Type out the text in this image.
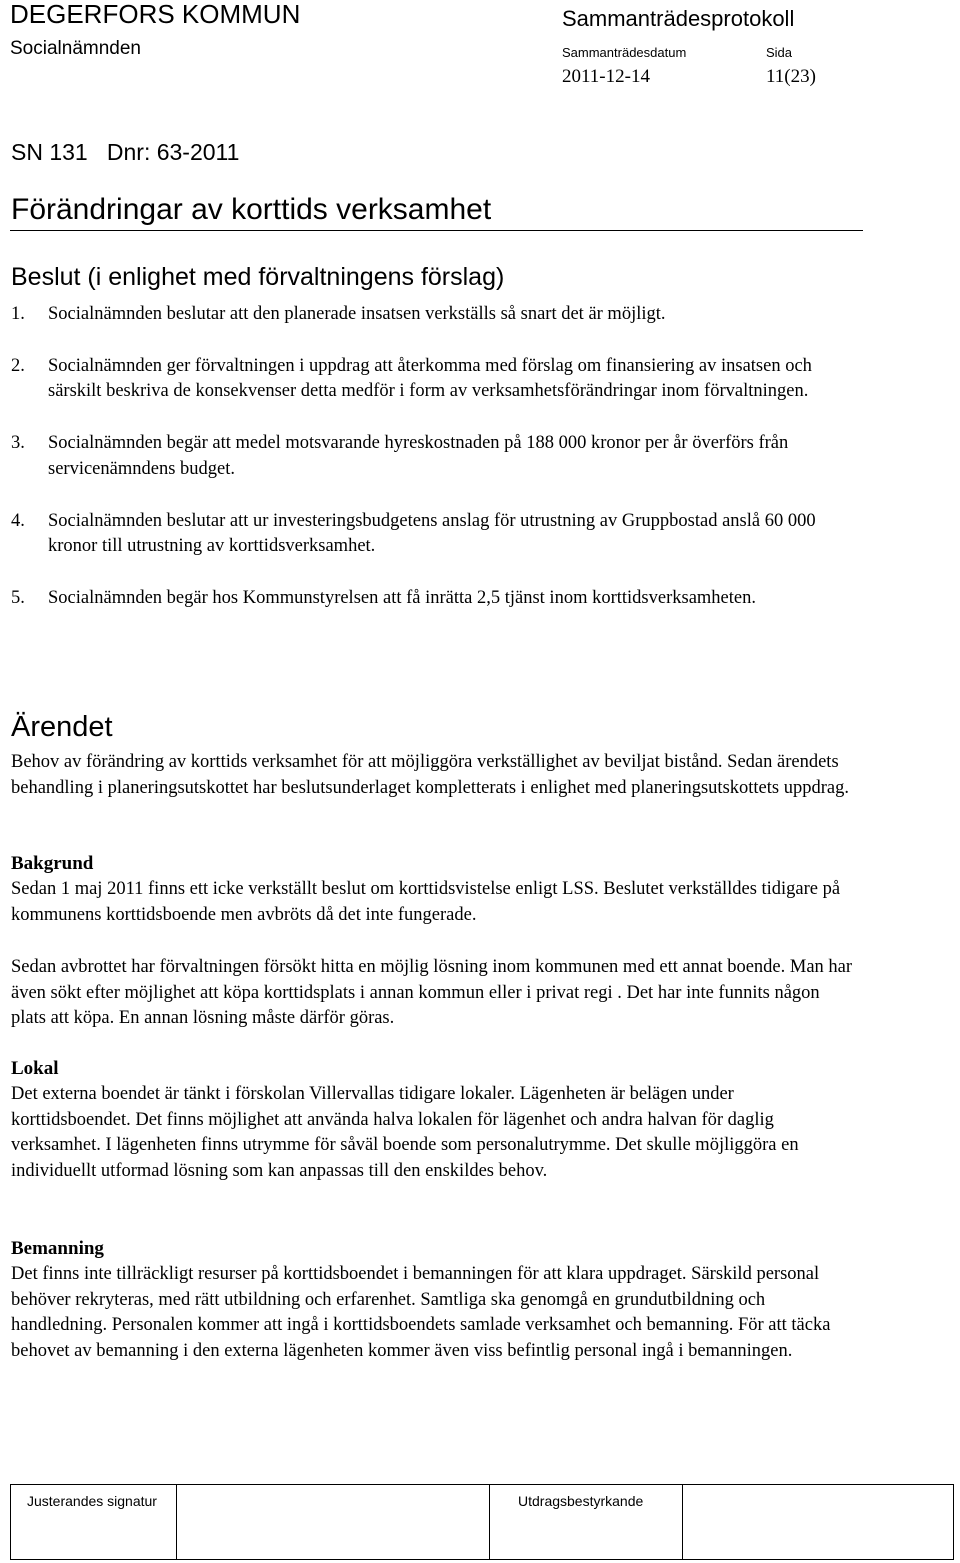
DEGERFORS KOMMUN
Socialnämnden
Sammanträdesprotokoll
Sammanträdesdatum	Sida
2011-12-14	11(23)
SN 131   Dnr: 63-2011
Förändringar av korttids verksamhet
Beslut (i enlighet med förvaltningens förslag)
1.	Socialnämnden beslutar att den planerade insatsen verkställs så snart det är möjligt.
2.	Socialnämnden ger förvaltningen i uppdrag att återkomma med förslag om finansiering av insatsen och särskilt beskriva de konsekvenser detta medför i form av verksamhetsförändringar inom förvaltningen.
3.	Socialnämnden begär att medel motsvarande hyreskostnaden på 188 000 kronor per år överförs från servicenämndens budget.
4.	Socialnämnden beslutar att ur investeringsbudgetens anslag för utrustning av Gruppbostad anslå 60 000 kronor till utrustning av korttidsverksamhet.
5.	Socialnämnden begär hos Kommunstyrelsen att få inrätta 2,5 tjänst inom korttidsverksamheten.
Ärendet
Behov av förändring av korttids verksamhet för att möjliggöra verkställighet av beviljat bistånd. Sedan ärendets behandling i planeringsutskottet har beslutsunderlaget kompletterats i enlighet med planeringsutskottets uppdrag.
Bakgrund
Sedan 1 maj 2011 finns ett icke verkställt beslut om korttidsvistelse enligt LSS. Beslutet verkställdes tidigare på kommunens korttidsboende men avbröts då det inte fungerade.
Sedan avbrottet har förvaltningen försökt hitta en möjlig lösning inom kommunen med ett annat boende. Man har även sökt efter möjlighet att köpa korttidsplats i annan kommun eller i privat regi . Det har inte funnits någon plats att köpa. En annan lösning måste därför göras.
Lokal
Det externa boendet är tänkt i förskolan Villervallas tidigare lokaler. Lägenheten är belägen under korttidsboendet. Det finns möjlighet att använda halva lokalen för lägenhet och andra halvan för daglig verksamhet. I lägenheten finns utrymme för såväl boende som personalutrymme. Det skulle möjliggöra en individuellt utformad lösning som kan anpassas till den enskildes behov.
Bemanning
Det finns inte tillräckligt resurser på korttidsboendet i bemanningen för att klara uppdraget. Särskild personal behöver rekryteras, med rätt utbildning och erfarenhet. Samtliga ska genomgå en grundutbildning och handledning. Personalen kommer att ingå i korttidsboendets samlade verksamhet och bemanning. För att täcka behovet av bemanning i den externa lägenheten kommer även viss befintlig personal ingå i bemanningen.
Justerandes signatur	Utdragsbestyrkande
